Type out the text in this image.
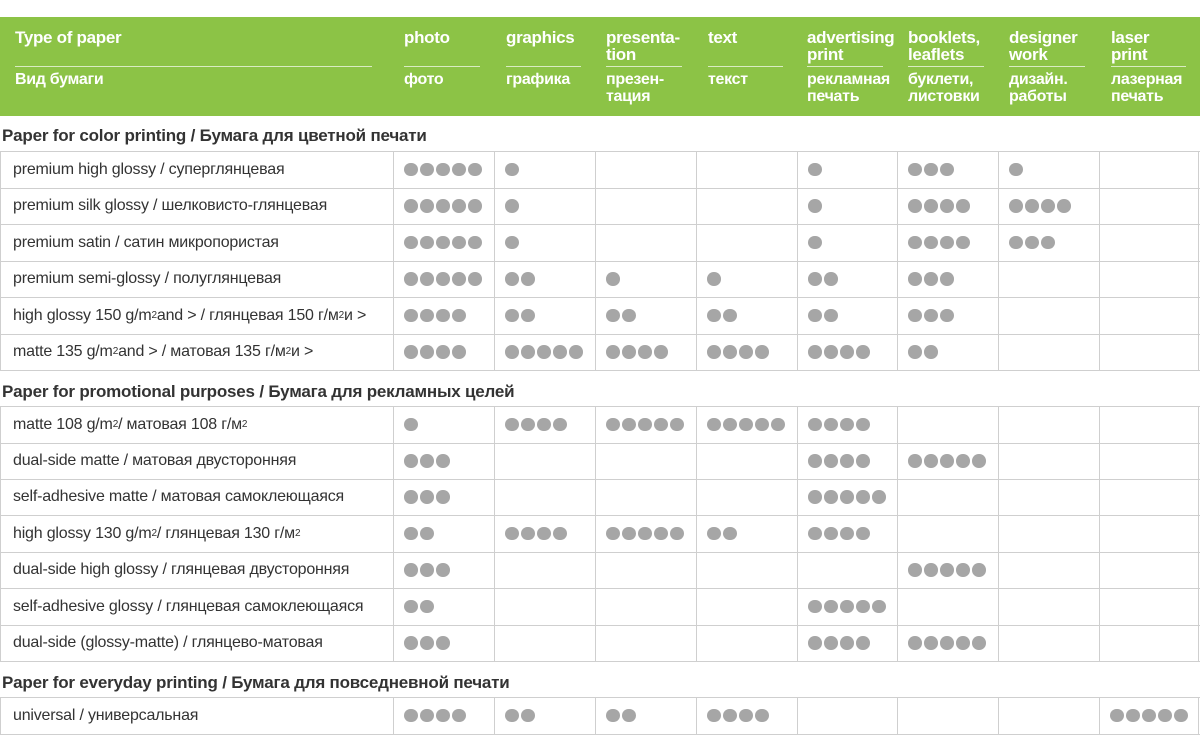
Type of paper
Вид бумаги
photo
фото
graphics
графика
presenta-
tion
презен-
тация
text
текст
advertising
print
рекламная
печать
booklets,
leaflets
буклети,
листовки
designer
work
дизайн.
работы
laser
print
лазерная
печать
Paper for color printing / Бумага для цветной печати
premium high glossy / суперглянцевая
premium silk glossy / шелковисто-глянцевая
premium satin / сатин микропористая
premium semi-glossy / полуглянцевая
high glossy 150 g/m 2 and > / глянцевая 150 г/м 2 и >
matte 135 g/m 2 and > / матовая 135 г/м 2 и >
Paper for promotional purposes / Бумага для рекламных целей
matte 108 g/m 2 / матовая 108 г/м 2
dual-side matte / матовая двусторонняя
self-adhesive matte / матовая самоклеющаяся
high glossy 130 g/m 2 / глянцевая 130 г/м 2
dual-side high glossy / глянцевая двусторонняя
self-adhesive glossy / глянцевая самоклеющаяся
dual-side (glossy-matte) / глянцево-матовая
Paper for everyday printing / Бумага для повседневной печати
universal / универсальная
